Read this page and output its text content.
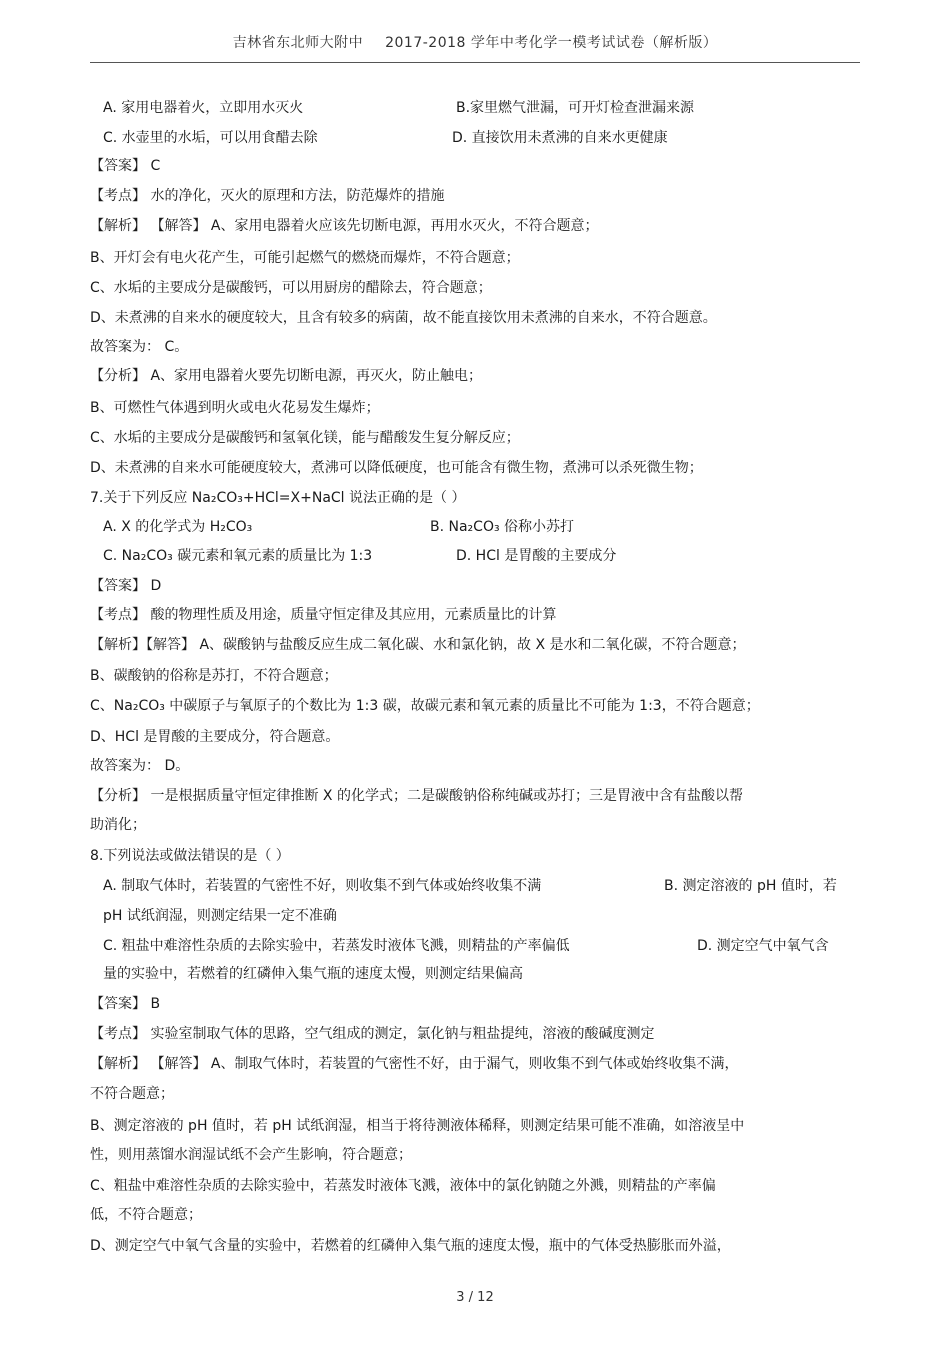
吉林省东北师大附中 2017-2018 学年中考化学一模考试试卷（解析版）
A. 家用电器着火，立即用水灭火	B.家里燃气泄漏，可开灯检查泄漏来源
C. 水壶里的水垢，可以用食醋去除	D. 直接饮用未煮沸的自来水更健康
【答案】 C
【考点】 水的净化，灭火的原理和方法，防范爆炸的措施
【解析】 【解答】 A、家用电器着火应该先切断电源，再用水灭火，不符合题意；
B、开灯会有电火花产生，可能引起燃气的燃烧而爆炸，不符合题意；
C、水垢的主要成分是碳酸钙，可以用厨房的醋除去，符合题意；
D、未煮沸的自来水的硬度较大，且含有较多的病菌，故不能直接饮用未煮沸的自来水，不符合题意。
故答案为： C。
【分析】 A、家用电器着火要先切断电源，再灭火，防止触电；
B、可燃性气体遇到明火或电火花易发生爆炸；
C、水垢的主要成分是碳酸钙和氢氧化镁，能与醋酸发生复分解反应；
D、未煮沸的自来水可能硬度较大，煮沸可以降低硬度，也可能含有微生物，煮沸可以杀死微生物；
7.关于下列反应 Na₂CO₃+HCl=X+NaCl 说法正确的是（ ）
A. X 的化学式为 H₂CO₃	B. Na₂CO₃ 俗称小苏打
C. Na₂CO₃ 碳元素和氧元素的质量比为 1:3	D. HCl 是胃酸的主要成分
【答案】 D
【考点】 酸的物理性质及用途，质量守恒定律及其应用，元素质量比的计算
【解析】【解答】 A、碳酸钠与盐酸反应生成二氧化碳、水和氯化钠，故 X 是水和二氧化碳，不符合题意；
B、碳酸钠的俗称是苏打，不符合题意；
C、Na₂CO₃ 中碳原子与氧原子的个数比为 1:3 碳，故碳元素和氧元素的质量比不可能为 1:3，不符合题意；
D、HCl 是胃酸的主要成分，符合题意。
故答案为： D。
【分析】 一是根据质量守恒定律推断 X 的化学式；二是碳酸钠俗称纯碱或苏打；三是胃液中含有盐酸以帮
助消化；
8.下列说法或做法错误的是（ ）
A. 制取气体时，若装置的气密性不好，则收集不到气体或始终收集不满	B. 测定溶液的 pH 值时，若
pH 试纸润湿，则测定结果一定不准确
C. 粗盐中难溶性杂质的去除实验中，若蒸发时液体飞溅，则精盐的产率偏低	D. 测定空气中氧气含
量的实验中，若燃着的红磷伸入集气瓶的速度太慢，则测定结果偏高
【答案】 B
【考点】 实验室制取气体的思路，空气组成的测定，氯化钠与粗盐提纯，溶液的酸碱度测定
【解析】 【解答】 A、制取气体时，若装置的气密性不好，由于漏气，则收集不到气体或始终收集不满，
不符合题意；
B、测定溶液的 pH 值时，若 pH 试纸润湿，相当于将待测液体稀释，则测定结果可能不准确，如溶液呈中
性，则用蒸馏水润湿试纸不会产生影响，符合题意；
C、粗盐中难溶性杂质的去除实验中，若蒸发时液体飞溅，液体中的氯化钠随之外溅，则精盐的产率偏
低，不符合题意；
D、测定空气中氧气含量的实验中，若燃着的红磷伸入集气瓶的速度太慢，瓶中的气体受热膨胀而外溢，
3 / 12
